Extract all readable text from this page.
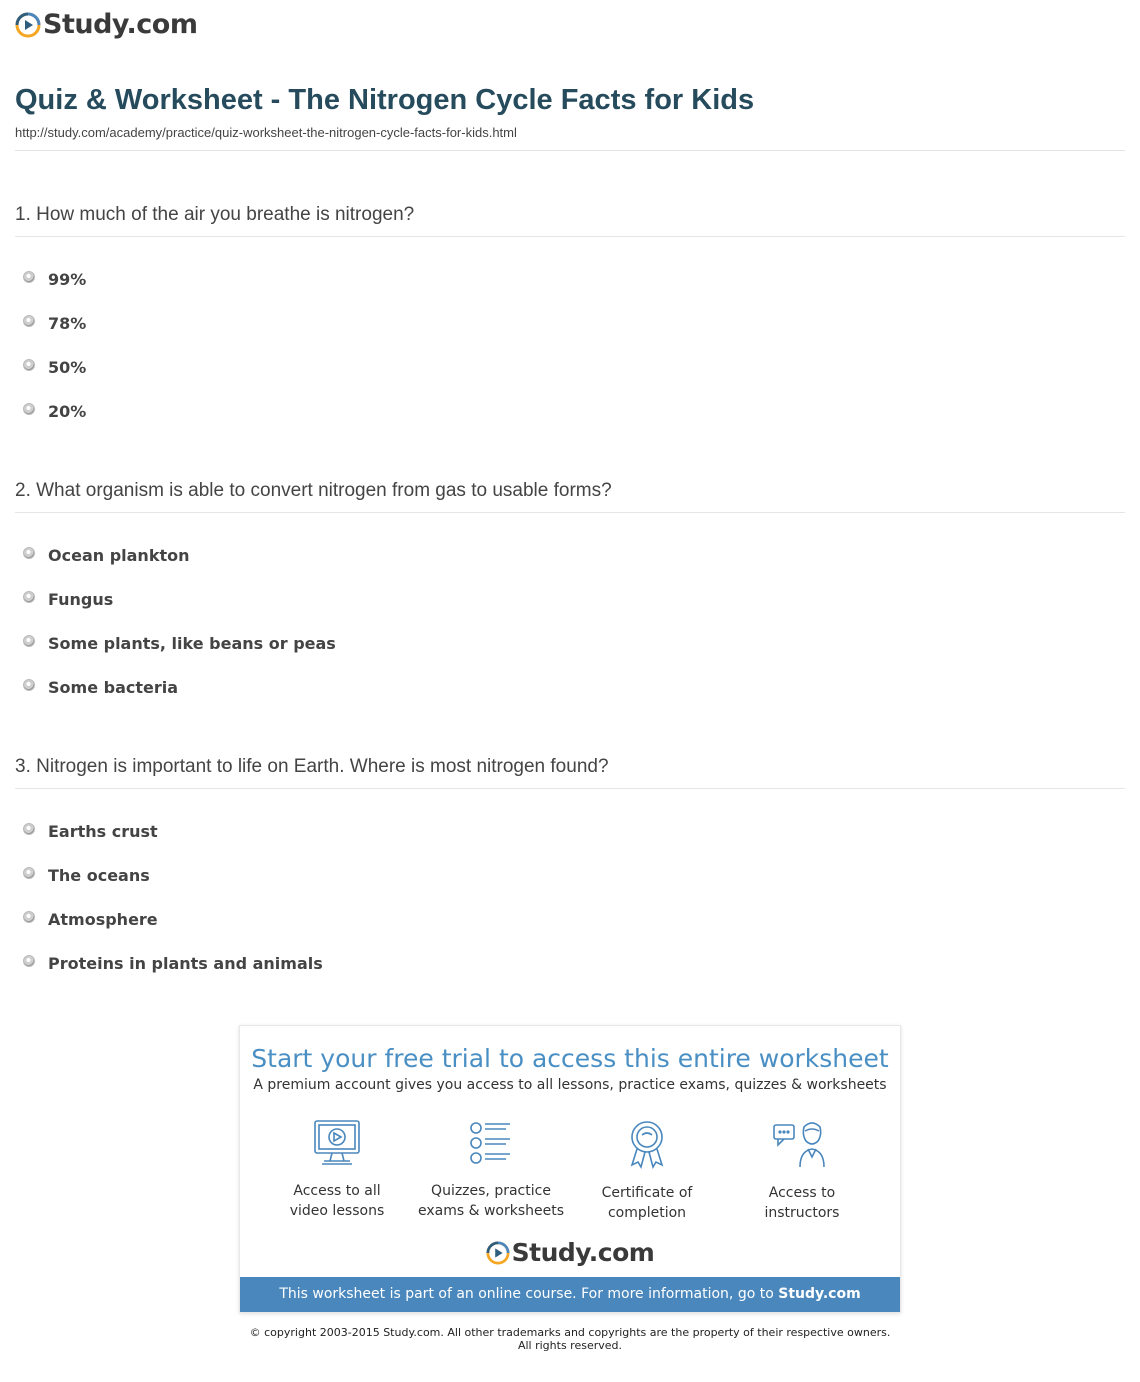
Study.com
Quiz & Worksheet - The Nitrogen Cycle Facts for Kids
http://study.com/academy/practice/quiz-worksheet-the-nitrogen-cycle-facts-for-kids.html
1. How much of the air you breathe is nitrogen?
99%
78%
50%
20%
2. What organism is able to convert nitrogen from gas to usable forms?
Ocean plankton
Fungus
Some plants, like beans or peas
Some bacteria
3. Nitrogen is important to life on Earth. Where is most nitrogen found?
Earths crust
The oceans
Atmosphere
Proteins in plants and animals
Start your free trial to access this entire worksheet
A premium account gives you access to all lessons, practice exams, quizzes & worksheets
Access to all
video lessons
Quizzes, practice
exams & worksheets
Certificate of
completion
Access to
instructors
Study.com
This worksheet is part of an online course. For more information, go to Study.com
© copyright 2003-2015 Study.com. All other trademarks and copyrights are the property of their respective owners.
All rights reserved.
